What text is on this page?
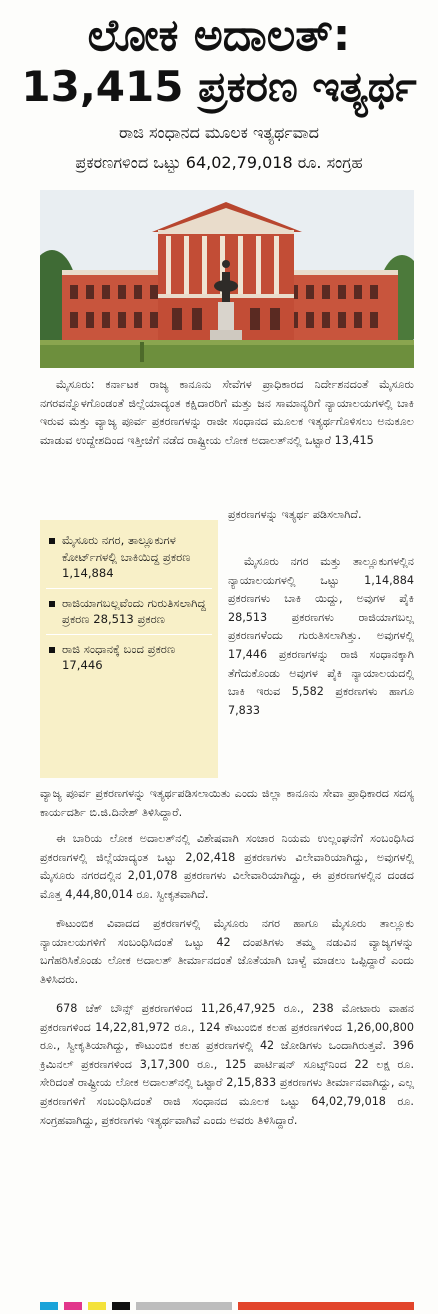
ಲೋಕ ಅದಾಲತ್:
13,415 ಪ್ರಕರಣ ಇತ್ಯರ್ಥ
ರಾಜಿ ಸಂಧಾನದ ಮೂಲಕ ಇತ್ಯರ್ಥವಾದ
ಪ್ರಕರಣಗಳಿಂದ ಒಟ್ಟು 64,02,79,018 ರೂ. ಸಂಗ್ರಹ
ಮೈಸೂರು: ಕರ್ನಾಟಕ ರಾಜ್ಯ ಕಾನೂನು ಸೇವೆಗಳ ಪ್ರಾಧಿಕಾರದ ನಿರ್ದೇಶನದಂತೆ ಮೈಸೂರು ನಗರವನ್ನೊಳಗೊಂಡಂತೆ ಜಿಲ್ಲೆಯಾದ್ಯಂತ ಕಕ್ಷಿದಾರರಿಗೆ ಮತ್ತು ಜನ ಸಾಮಾನ್ಯರಿಗೆ ನ್ಯಾಯಾಲಯಗಳಲ್ಲಿ ಬಾಕಿ ಇರುವ ಮತ್ತು ವ್ಯಾಜ್ಯ ಪೂರ್ವ ಪ್ರಕರಣಗಳನ್ನು ರಾಜೀ ಸಂಧಾನದ ಮೂಲಕ ಇತ್ಯರ್ಥಗೊಳಿಸಲು ಅನುಕೂಲ ಮಾಡುವ ಉದ್ದೇಶದಿಂದ ಇತ್ತೀಚೆಗೆ ನಡೆದ ರಾಷ್ಟ್ರೀಯ ಲೋಕ ಅದಾಲತ್‌ನಲ್ಲಿ ಒಟ್ಟಾರೆ 13,415
ಪ್ರಕರಣಗಳನ್ನು ಇತ್ಯರ್ಥ ಪಡಿಸಲಾಗಿದೆ.
ಮೈಸೂರು ನಗರ ಮತ್ತು ತಾಲ್ಲೂಕುಗಳಲ್ಲಿನ ನ್ಯಾಯಾಲಯಗಳಲ್ಲಿ ಒಟ್ಟು 1,14,884 ಪ್ರಕರಣಗಳು ಬಾಕಿ ಯಿದ್ದು, ಅವುಗಳ ಪೈಕಿ 28,513 ಪ್ರಕರಣಗಳು ರಾಜಿಯಾಗಬಲ್ಲ ಪ್ರಕರಣಗಳೆಂದು ಗುರುತಿಸಲಾಗಿತ್ತು. ಅವುಗಳಲ್ಲಿ 17,446 ಪ್ರಕರಣಗಳನ್ನು ರಾಜಿ ಸಂಧಾನಕ್ಕಾಗಿ ತೆಗೆದುಕೊಂಡು ಅವುಗಳ ಪೈಕಿ ನ್ಯಾಯಾಲಯದಲ್ಲಿ ಬಾಕಿ ಇರುವ 5,582 ಪ್ರಕರಣಗಳು ಹಾಗೂ 7,833
ಮೈಸೂರು ನಗರ, ತಾಲ್ಲೂಕುಗಳ ಕೋರ್ಟ್‌ಗಳಲ್ಲಿ ಬಾಕಿಯಿದ್ದ ಪ್ರಕರಣ 1,14,884
ರಾಜಿಯಾಗಬಲ್ಲವೆಂದು ಗುರುತಿಸಲಾಗಿದ್ದ ಪ್ರಕರಣ 28,513 ಪ್ರಕರಣ
ರಾಜಿ ಸಂಧಾನಕ್ಕೆ ಬಂದ ಪ್ರಕರಣ 17,446
ವ್ಯಾಜ್ಯ ಪೂರ್ವ ಪ್ರಕರಣಗಳನ್ನು ಇತ್ಯರ್ಥಪಡಿಸಲಾಯಿತು ಎಂದು ಜಿಲ್ಲಾ ಕಾನೂನು ಸೇವಾ ಪ್ರಾಧಿಕಾರದ ಸದಸ್ಯ ಕಾರ್ಯದರ್ಶಿ ಬಿ.ಜಿ.ದಿನೇಶ್ ತಿಳಿಸಿದ್ದಾರೆ.
ಈ ಬಾರಿಯ ಲೋಕ ಅದಾಲತ್‌ನಲ್ಲಿ ವಿಶೇಷವಾಗಿ ಸಂಚಾರ ನಿಯಮ ಉಲ್ಲಂಘನೆಗೆ ಸಂಬಂಧಿಸಿದ ಪ್ರಕರಣಗಳಲ್ಲಿ ಜಿಲ್ಲೆಯಾದ್ಯಂತ ಒಟ್ಟು 2,02,418 ಪ್ರಕರಣಗಳು ವಿಲೇವಾರಿಯಾಗಿದ್ದು, ಅವುಗಳಲ್ಲಿ ಮೈಸೂರು ನಗರದಲ್ಲಿನ 2,01,078 ಪ್ರಕರಣಗಳು ವಿಲೇವಾರಿಯಾಗಿದ್ದು, ಈ ಪ್ರಕರಣಗಳಲ್ಲಿನ ದಂಡದ ಮೊತ್ತ 4,44,80,014 ರೂ. ಸ್ವೀಕೃತವಾಗಿದೆ.
ಕೌಟುಂಬಿಕ ವಿವಾದದ ಪ್ರಕರಣಗಳಲ್ಲಿ ಮೈಸೂರು ನಗರ ಹಾಗೂ ಮೈಸೂರು ತಾಲ್ಲೂಕು ನ್ಯಾಯಾಲಯಗಳಿಗೆ ಸಂಬಂಧಿಸಿದಂತೆ ಒಟ್ಟು 42 ದಂಪತಿಗಳು ತಮ್ಮ ನಡುವಿನ ವ್ಯಾಜ್ಯಗಳನ್ನು ಬಗೆಹರಿಸಿಕೊಂಡು ಲೋಕ ಅದಾಲತ್ ತೀರ್ಮಾನದಂತೆ ಜೊತೆಯಾಗಿ ಬಾಳ್ವೆ ಮಾಡಲು ಒಪ್ಪಿದ್ದಾರೆ ಎಂದು ತಿಳಿಸಿದರು.
678 ಚೆಕ್ ಬೌನ್ಸ್ ಪ್ರಕರಣಗಳಿಂದ 11,26,47,925 ರೂ., 238 ಮೋಟಾರು ವಾಹನ ಪ್ರಕರಣಗಳಿಂದ 14,22,81,972 ರೂ., 124 ಕೌಟುಂಬಿಕ ಕಲಹ ಪ್ರಕರಣಗಳಿಂದ 1,26,00,800 ರೂ., ಸ್ವೀಕೃತಿಯಾಗಿದ್ದು, ಕೌಟುಂಬಿಕ ಕಲಹ ಪ್ರಕರಣಗಳಲ್ಲಿ 42 ಜೋಡಿಗಳು ಒಂದಾಗಿರುತ್ತವೆ. 396 ಕ್ರಿಮಿನಲ್ ಪ್ರಕರಣಗಳಿಂದ 3,17,300 ರೂ., 125 ಪಾರ್ಟಿಷನ್ ಸೂಟ್ಸ್‌ನಿಂದ 22 ಲಕ್ಷ ರೂ. ಸೇರಿದಂತೆ ರಾಷ್ಟ್ರೀಯ ಲೋಕ ಅದಾಲತ್‌ನಲ್ಲಿ ಒಟ್ಟಾರೆ 2,15,833 ಪ್ರಕರಣಗಳು ತೀರ್ಮಾನವಾಗಿದ್ದು, ಎಲ್ಲ ಪ್ರಕರಣಗಳಿಗೆ ಸಂಬಂಧಿಸಿದಂತೆ ರಾಜಿ ಸಂಧಾನದ ಮೂಲಕ ಒಟ್ಟು 64,02,79,018 ರೂ. ಸಂಗ್ರಹವಾಗಿದ್ದು, ಪ್ರಕರಣಗಳು ಇತ್ಯರ್ಥವಾಗಿವೆ ಎಂದು ಅವರು ತಿಳಿಸಿದ್ದಾರೆ.
